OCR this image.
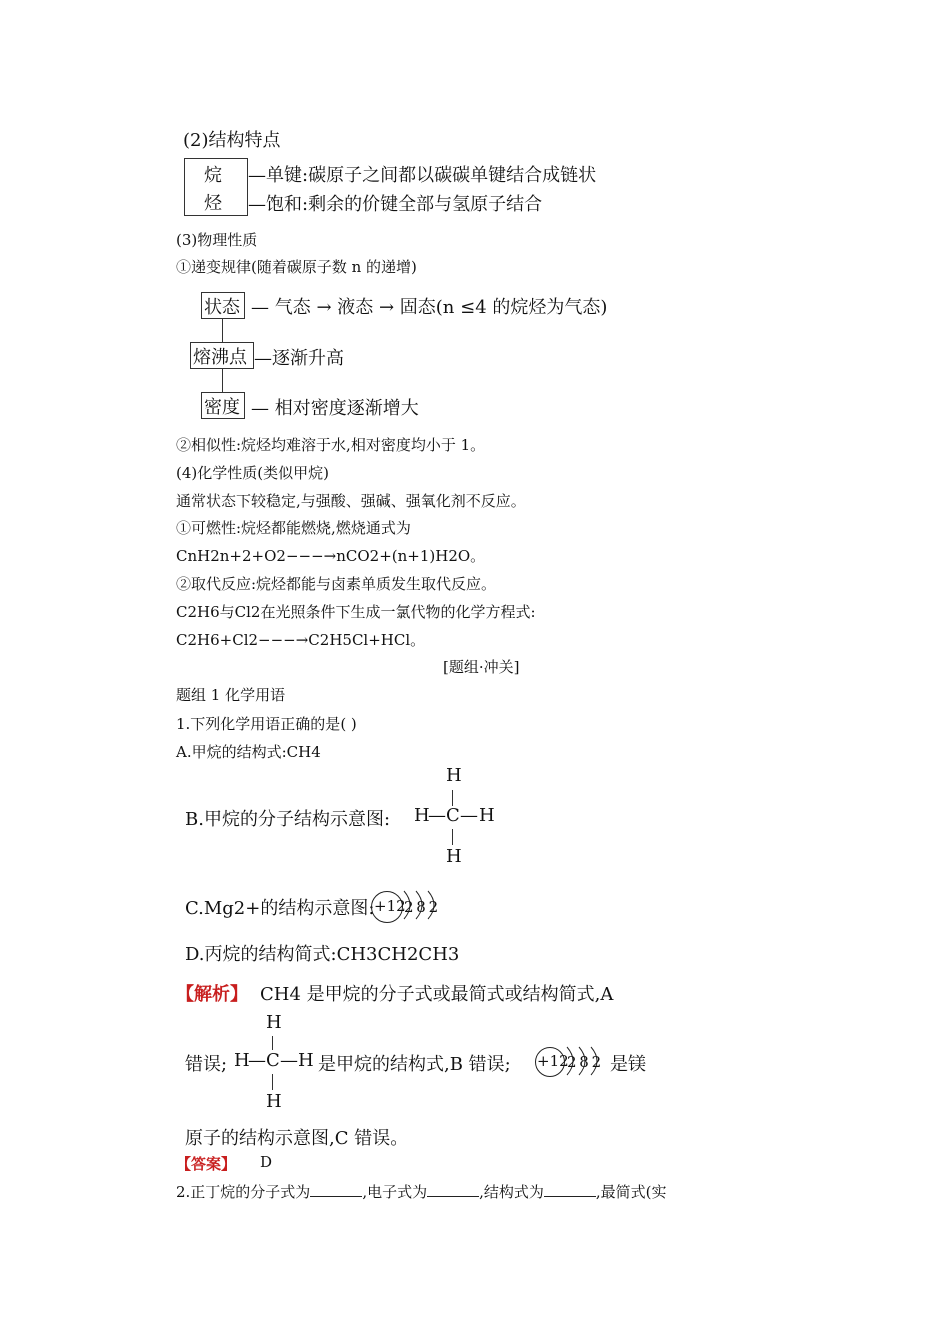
(2)结构特点
烷
烃
—单键:碳原子之间都以碳碳单键结合成链状
—饱和:剩余的价键全部与氢原子结合
(3)物理性质
①递变规律(随着碳原子数 n 的递增)
状态 — 气态 → 液态 → 固态(n ≤4 的烷烃为气态)
熔沸点 —逐渐升高
密度 — 相对密度逐渐增大
②相似性:烷烃均难溶于水,相对密度均小于 1。
(4)化学性质(类似甲烷)
通常状态下较稳定,与强酸、强碱、强氧化剂不反应。
①可燃性:烷烃都能燃烧,燃烧通式为
CnH2n+2+O2−−−→nCO2+(n+1)H2O。
②取代反应:烷烃都能与卤素单质发生取代反应。
C2H6与Cl2在光照条件下生成一氯代物的化学方程式:
C2H6+Cl2−−−→C2H5Cl+HCl。
[题组·冲关]
题组 1 化学用语
1.下列化学用语正确的是( )
A.甲烷的结构式:CH4
H
B.甲烷的分子结构示意图: H
— C — H
H
C.Mg2+的结构示意图: +12
2 8 2
D.丙烷的结构简式:CH3CH2CH3
【解析】 CH4 是甲烷的分子式或最简式或结构简式,A
H
错误; H
— C — H 是甲烷的结构式,B 错误; +12
2 8 2 是镁
H
原子的结构示意图,C 错误。
【答案】 D
2.正丁烷的分子式为	,电子式为	,结构式为	,最简式(实
